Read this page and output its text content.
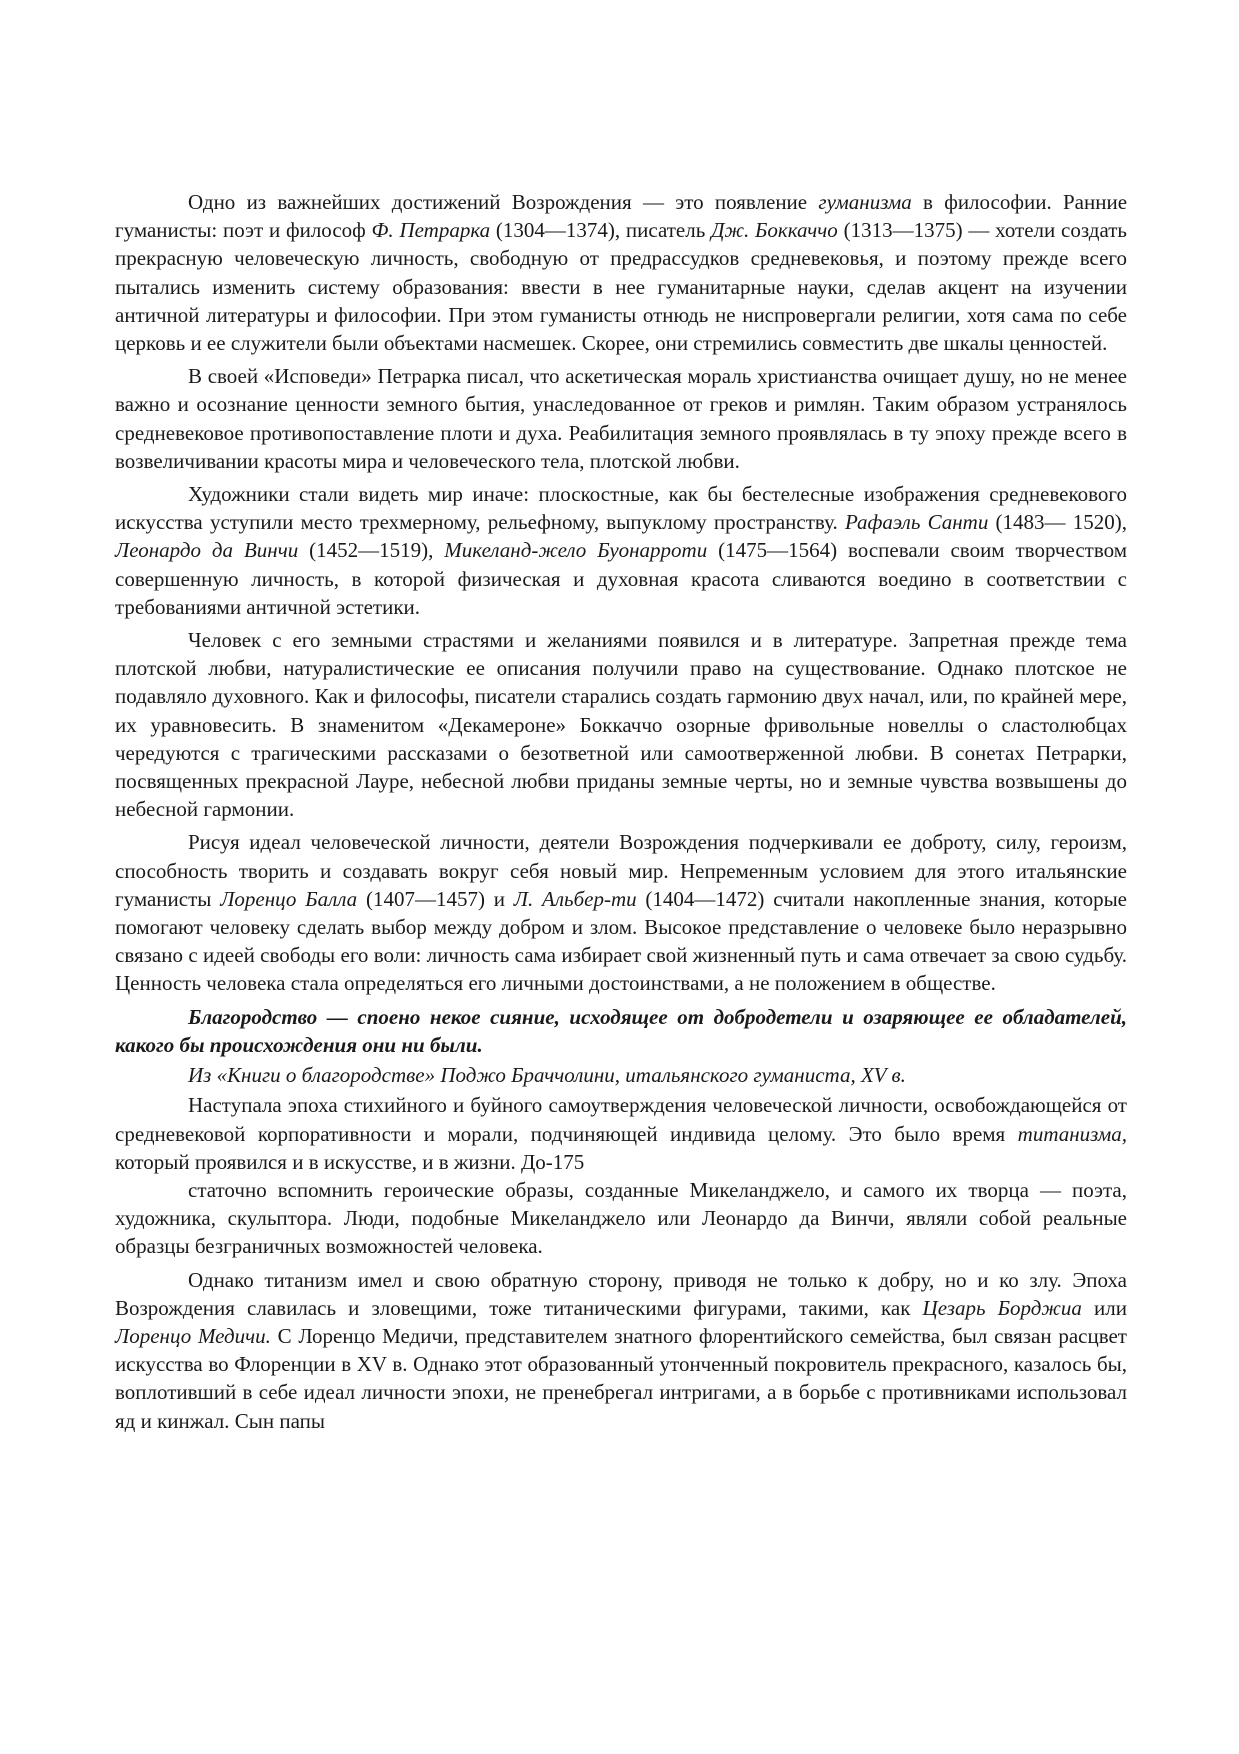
Одно из важнейших достижений Возрождения — это появление гуманизма в философии. Ранние гуманисты: поэт и философ Ф. Петрарка (1304—1374), писатель Дж. Боккаччо (1313—1375) — хотели создать прекрасную человеческую личность, свободную от предрассудков средневековья, и поэтому прежде всего пытались изменить систему образования: ввести в нее гуманитарные науки, сделав акцент на изучении античной литературы и философии. При этом гуманисты отнюдь не ниспровергали религии, хотя сама по себе церковь и ее служители были объектами насмешек. Скорее, они стремились совместить две шкалы ценностей.

В своей «Исповеди» Петрарка писал, что аскетическая мораль христианства очищает душу, но не менее важно и осознание ценности земного бытия, унаследованное от греков и римлян. Таким образом устранялось средневековое противопоставление плоти и духа. Реабилитация земного проявлялась в ту эпоху прежде всего в возвеличивании красоты мира и человеческого тела, плотской любви.

Художники стали видеть мир иначе: плоскостные, как бы бестелесные изображения средневекового искусства уступили место трехмерному, рельефному, выпуклому пространству. Рафаэль Санти (1483— 1520), Леонардо да Винчи (1452—1519), Микеланд-жело Буонарроти (1475—1564) воспевали своим творчеством совершенную личность, в которой физическая и духовная красота сливаются воедино в соответствии с требованиями античной эстетики.

Человек с его земными страстями и желаниями появился и в литературе. Запретная прежде тема плотской любви, натуралистические ее описания получили право на существование. Однако плотское не подавляло духовного. Как и философы, писатели старались создать гармонию двух начал, или, по крайней мере, их уравновесить. В знаменитом «Декамероне» Боккаччо озорные фривольные новеллы о сластолюбцах чередуются с трагическими рассказами о безответной или самоотверженной любви. В сонетах Петрарки, посвященных прекрасной Лауре, небесной любви приданы земные черты, но и земные чувства возвышены до небесной гармонии.

Рисуя идеал человеческой личности, деятели Возрождения подчеркивали ее доброту, силу, героизм, способность творить и создавать вокруг себя новый мир. Непременным условием для этого итальянские гуманисты Лоренцо Балла (1407—1457) и Л. Альбер-ти (1404—1472) считали накопленные знания, которые помогают человеку сделать выбор между добром и злом. Высокое представление о человеке было неразрывно связано с идеей свободы его воли: личность сама избирает свой жизненный путь и сама отвечает за свою судьбу. Ценность человека стала определяться его личными достоинствами, а не положением в обществе.

Благородство — споено некое сияние, исходящее от добродетели и озаряющее ее обладателей, какого бы происхождения они ни были.

Из «Книги о благородстве» Поджо Браччолини, итальянского гуманиста, XV в.

Наступала эпоха стихийного и буйного самоутверждения человеческой личности, освобождающейся от средневековой корпоративности и морали, подчиняющей индивида целому. Это было время титанизма, который проявился и в искусстве, и в жизни. До-175

статочно вспомнить героические образы, созданные Микеланджело, и самого их творца — поэта, художника, скульптора. Люди, подобные Микеланджело или Леонардо да Винчи, являли собой реальные образцы безграничных возможностей человека.

Однако титанизм имел и свою обратную сторону, приводя не только к добру, но и ко злу. Эпоха Возрождения славилась и зловещими, тоже титаническими фигурами, такими, как Цезарь Борджиа или Лоренцо Медичи. С Лоренцо Медичи, представителем знатного флорентийского семейства, был связан расцвет искусства во Флоренции в XV в. Однако этот образованный утонченный покровитель прекрасного, казалось бы, воплотивший в себе идеал личности эпохи, не пренебрегал интригами, а в борьбе с противниками использовал яд и кинжал. Сын папы
